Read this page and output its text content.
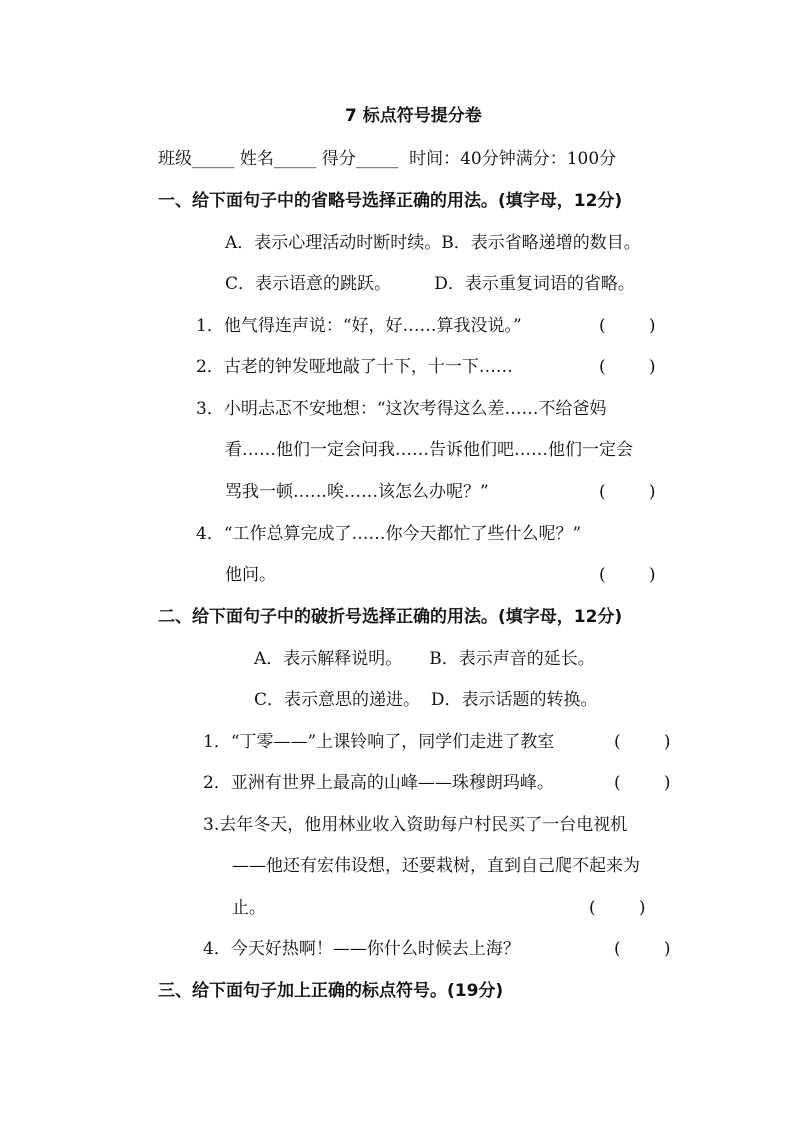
7 标点符号提分卷
班级_____ 姓名_____ 得分_____  时间：40分钟满分：100分
一、给下面句子中的省略号选择正确的用法。(填字母，12分)
A．表示心理活动时断时续。B．表示省略递增的数目。
C．表示语意的跳跃。        D．表示重复词语的省略。
1．他气得连声说：“好，好……算我没说。”	(        )
2．古老的钟发哑地敲了十下，十一下……	(        )
3．小明忐忑不安地想：“这次考得这么差……不给爸妈
看……他们一定会问我……告诉他们吧……他们一定会
骂我一顿……唉……该怎么办呢？”	(        )
4．“工作总算完成了……你今天都忙了些什么呢？”
他问。	(        )
二、给下面句子中的破折号选择正确的用法。(填字母，12分)
A．表示解释说明。     B．表示声音的延长。
C．表示意思的递进。  D．表示话题的转换。
1．“丁零——”上课铃响了，同学们走进了教室	(        )
2．亚洲有世界上最高的山峰——珠穆朗玛峰。	(        )
3.去年冬天，他用林业收入资助每户村民买了一台电视机
——他还有宏伟设想，还要栽树，直到自己爬不起来为
止。	(        )
4．今天好热啊！——你什么时候去上海？	(        )
三、给下面句子加上正确的标点符号。(19分)
